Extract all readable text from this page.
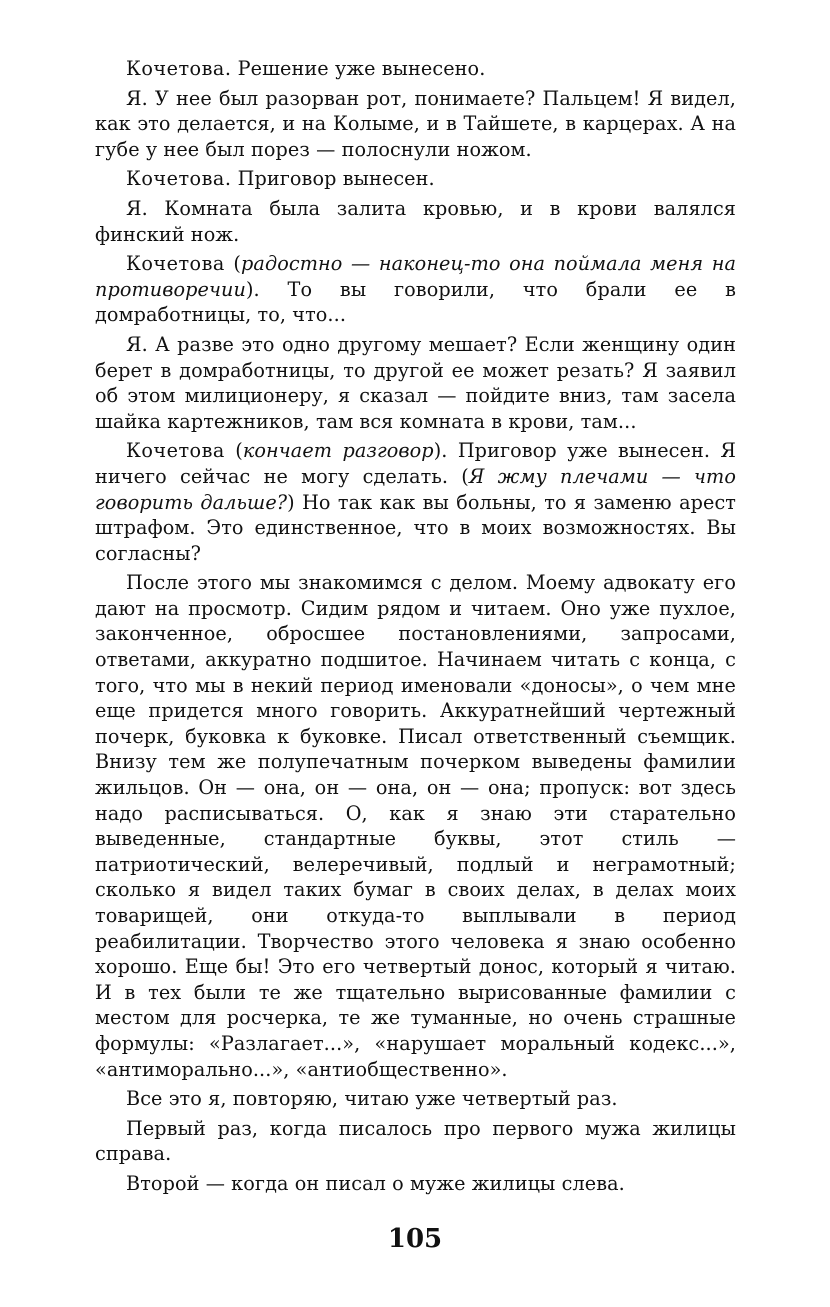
Кочетова. Решение уже вынесено.

Я. У нее был разорван рот, понимаете? Пальцем! Я видел, как это делается, и на Колыме, и в Тайшете, в карцерах. А на губе у нее был порез — полоснули ножом.

Кочетова. Приговор вынесен.

Я. Комната была залита кровью, и в крови валялся финский нож.

Кочетова (радостно — наконец-то она поймала меня на противоречии). То вы говорили, что брали ее в домработницы, то, что...

Я. А разве это одно другому мешает? Если женщину один берет в домработницы, то другой ее может резать? Я заявил об этом милиционеру, я сказал — пойдите вниз, там засела шайка картежников, там вся комната в крови, там...

Кочетова (кончает разговор). Приговор уже вынесен. Я ничего сейчас не могу сделать. (Я жму плечами — что говорить дальше?) Но так как вы больны, то я заменю арест штрафом. Это единственное, что в моих возможностях. Вы согласны?

После этого мы знакомимся с делом. Моему адвокату его дают на просмотр. Сидим рядом и читаем. Оно уже пухлое, законченное, обросшее постановлениями, запросами, ответами, аккуратно подшитое. Начинаем читать с конца, с того, что мы в некий период именовали «доносы», о чем мне еще придется много говорить. Аккуратнейший чертежный почерк, буковка к буковке. Писал ответственный съемщик. Внизу тем же полупечатным почерком выведены фамилии жильцов. Он — она, он — она, он — она; пропуск: вот здесь надо расписываться. О, как я знаю эти старательно выведенные, стандартные буквы, этот стиль — патриотический, велеречивый, подлый и неграмотный; сколько я видел таких бумаг в своих делах, в делах моих товарищей, они откуда-то выплывали в период реабилитации. Творчество этого человека я знаю особенно хорошо. Еще бы! Это его четвертый донос, который я читаю. И в тех были те же тщательно вырисованные фамилии с местом для росчерка, те же туманные, но очень страшные формулы: «Разлагает...», «нарушает моральный кодекс...», «антиморально...», «антиобщественно».

Все это я, повторяю, читаю уже четвертый раз.

Первый раз, когда писалось про первого мужа жилицы справа.

Второй — когда он писал о муже жилицы слева.

105
